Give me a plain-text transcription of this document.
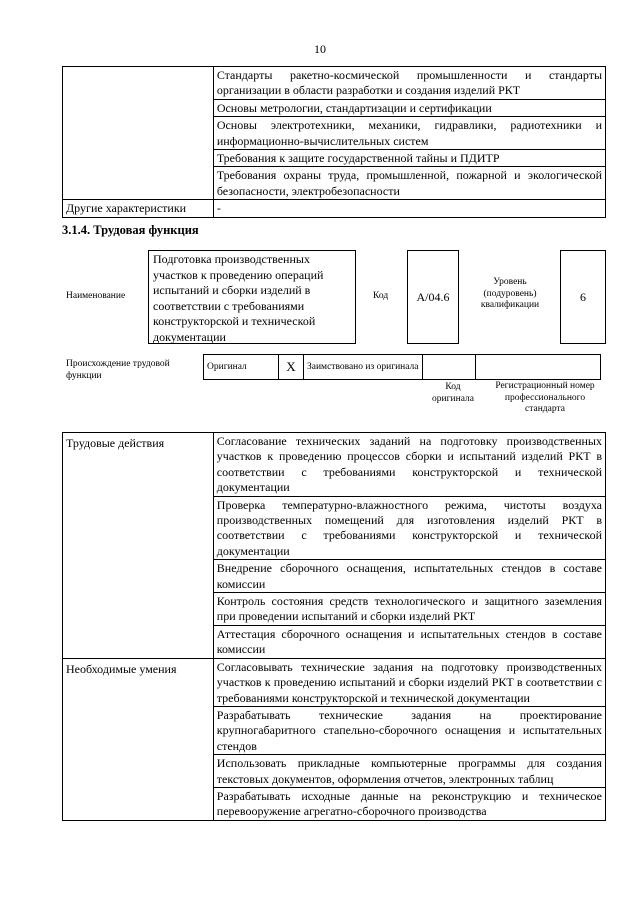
10
	Стандарты ракетно-космической промышленности и стандарты организации в области разработки и создания изделий РКТ
	Основы метрологии, стандартизации и сертификации
	Основы электротехники, механики, гидравлики, радиотехники и информационно-вычислительных систем
	Требования к защите государственной тайны и ПДИТР
	Требования охраны труда, промышленной, пожарной и экологической безопасности, электробезопасности
Другие характеристики	-
3.1.4. Трудовая функция
Наименование
Подготовка производственных участков к проведению операций испытаний и сборки изделий в соответствии с требованиями конструкторской и технической документации
Код	A/04.6
Уровень (подуровень) квалификации
6
Происхождение трудовой функции
Оригинал	X	Заимствовано из оригинала		
Код оригинала
Регистрационный номер профессионального стандарта
Трудовые действия	Согласование технических заданий на подготовку производственных участков к проведению процессов сборки и испытаний изделий РКТ в соответствии с требованиями конструкторской и технической документации
	Проверка температурно-влажностного режима, чистоты воздуха производственных помещений для изготовления изделий РКТ в соответствии с требованиями конструкторской и технической документации
	Внедрение сборочного оснащения, испытательных стендов в составе комиссии
	Контроль состояния средств технологического и защитного заземления при проведении испытаний и сборки изделий РКТ
	Аттестация сборочного оснащения и испытательных стендов в составе комиссии
Необходимые умения	Согласовывать технические задания на подготовку производственных участков к проведению испытаний и сборки изделий РКТ в соответствии с требованиями конструкторской и технической документации
	Разрабатывать технические задания на проектирование крупногабаритного стапельно-сборочного оснащения и испытательных стендов
	Использовать прикладные компьютерные программы для создания текстовых документов, оформления отчетов, электронных таблиц
	Разрабатывать исходные данные на реконструкцию и техническое перевооружение агрегатно-сборочного производства
